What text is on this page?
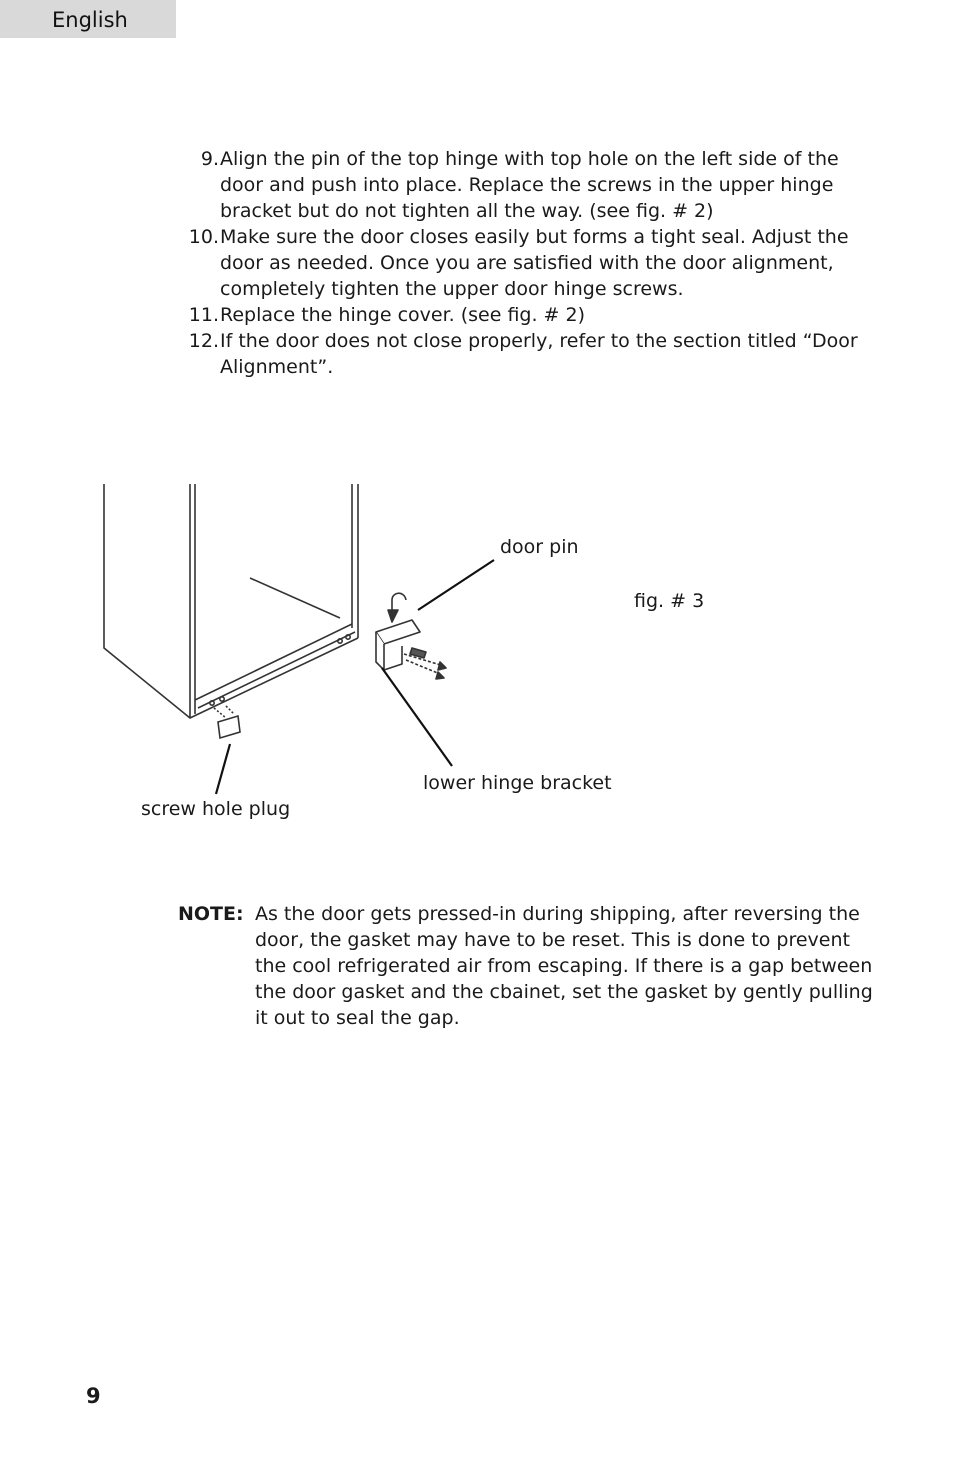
English
9. Align the pin of the top hinge with top hole on the left side of the door and push into place. Replace the screws in the upper hinge bracket but do not tighten all the way. (see fig. # 2)
10. Make sure the door closes easily but forms a tight seal. Adjust the door as needed. Once you are satisfied with the door alignment, completely tighten the upper door hinge screws.
11. Replace the hinge cover. (see fig. # 2)
12. If the door does not close properly, refer to the section titled “Door Alignment”.
door pin
fig. # 3
lower hinge bracket
screw hole plug
NOTE: As the door gets pressed-in during shipping, after reversing the door, the gasket may have to be reset. This is done to prevent the cool refrigerated air from escaping. If there is a gap between the door gasket and the cbainet, set the gasket by gently pulling it out to seal the gap.
9
